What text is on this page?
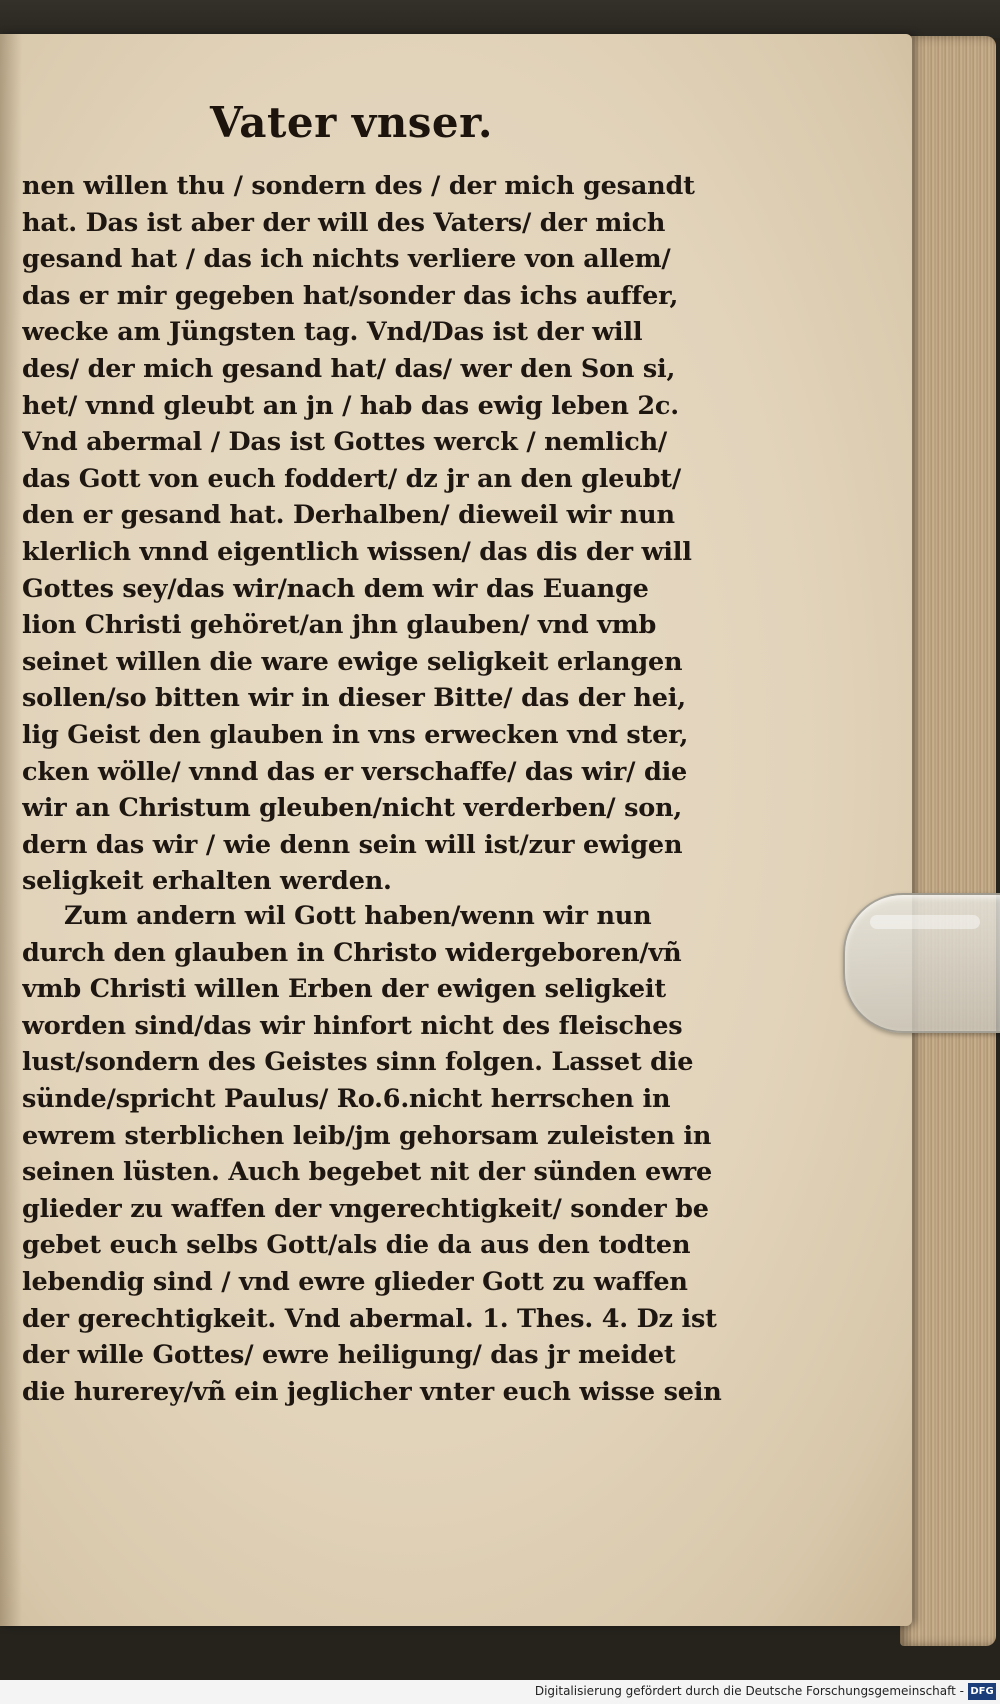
Vater vnser.
nen willen thu / sondern des / der mich gesandt
hat. Das ist aber der will des Vaters/ der mich
gesand hat / das ich nichts verliere von allem/
das er mir gegeben hat/sonder das ichs auffer,
wecke am Jüngsten tag. Vnd/Das ist der will
des/ der mich gesand hat/ das/ wer den Son si,
het/ vnnd gleubt an jn / hab das ewig leben 2c.
Vnd abermal / Das ist Gottes werck / nemlich/
das Gott von euch foddert/ dz jr an den gleubt/
den er gesand hat. Derhalben/ dieweil wir nun
klerlich vnnd eigentlich wissen/ das dis der will
Gottes sey/das wir/nach dem wir das Euange
lion Christi gehöret/an jhn glauben/ vnd vmb
seinet willen die ware ewige seligkeit erlangen
sollen/so bitten wir in dieser Bitte/ das der hei,
lig Geist den glauben in vns erwecken vnd ster,
cken wölle/ vnnd das er verschaffe/ das wir/ die
wir an Christum gleuben/nicht verderben/ son,
dern das wir / wie denn sein will ist/zur ewigen
seligkeit erhalten werden.
Zum andern wil Gott haben/wenn wir nun
durch den glauben in Christo widergeboren/vñ
vmb Christi willen Erben der ewigen seligkeit
worden sind/das wir hinfort nicht des fleisches
lust/sondern des Geistes sinn folgen. Lasset die
sünde/spricht Paulus/ Ro.6.nicht herrschen in
ewrem sterblichen leib/jm gehorsam zuleisten in
seinen lüsten. Auch begebet nit der sünden ewre
glieder zu waffen der vngerechtigkeit/ sonder be
gebet euch selbs Gott/als die da aus den todten
lebendig sind / vnd ewre glieder Gott zu waffen
der gerechtigkeit. Vnd abermal. 1. Thes. 4. Dz ist
der wille Gottes/ ewre heiligung/ das jr meidet
die hurerey/vñ ein jeglicher vnter euch wisse sein
Digitalisierung gefördert durch die Deutsche Forschungsgemeinschaft - DFG
